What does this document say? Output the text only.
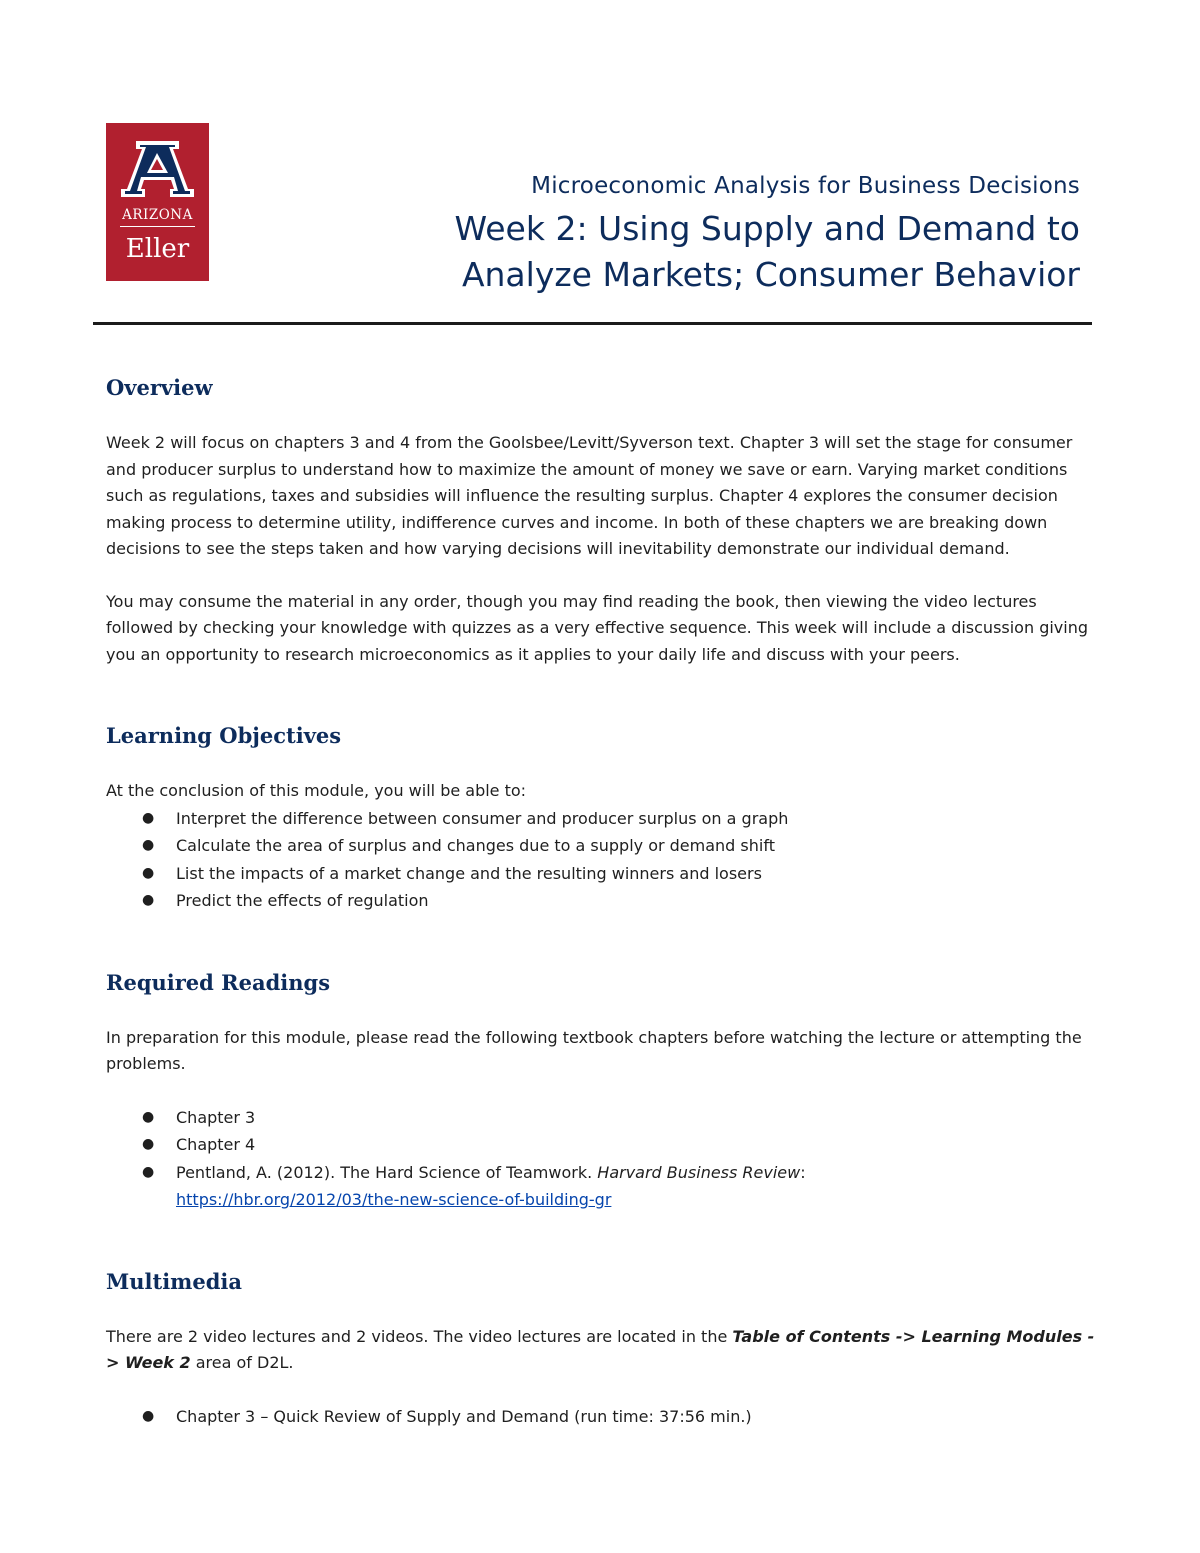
ARIZONA
Eller
Microeconomic Analysis for Business Decisions
Week 2: Using Supply and Demand to
Analyze Markets; Consumer Behavior
Overview

Week 2 will focus on chapters 3 and 4 from the Goolsbee/Levitt/Syverson text. Chapter 3 will set the stage for consumer and producer surplus to understand how to maximize the amount of money we save or earn. Varying market conditions such as regulations, taxes and subsidies will influence the resulting surplus. Chapter 4 explores the consumer decision making process to determine utility, indifference curves and income. In both of these chapters we are breaking down decisions to see the steps taken and how varying decisions will inevitability demonstrate our individual demand.

You may consume the material in any order, though you may find reading the book, then viewing the video lectures followed by checking your knowledge with quizzes as a very effective sequence. This week will include a discussion giving you an opportunity to research microeconomics as it applies to your daily life and discuss with your peers.

Learning Objectives

At the conclusion of this module, you will be able to:

● Interpret the difference between consumer and producer surplus on a graph
● Calculate the area of surplus and changes due to a supply or demand shift
● List the impacts of a market change and the resulting winners and losers
● Predict the effects of regulation
Required Readings

In preparation for this module, please read the following textbook chapters before watching the lecture or attempting the problems.

● Chapter 3
● Chapter 4
● Pentland, A. (2012). The Hard Science of Teamwork. Harvard Business Review:
https://hbr.org/2012/03/the-new-science-of-building-gr
Multimedia

There are 2 video lectures and 2 videos. The video lectures are located in the Table of Contents -> Learning Modules -> Week 2 area of D2L.

● Chapter 3 – Quick Review of Supply and Demand (run time: 37:56 min.)
